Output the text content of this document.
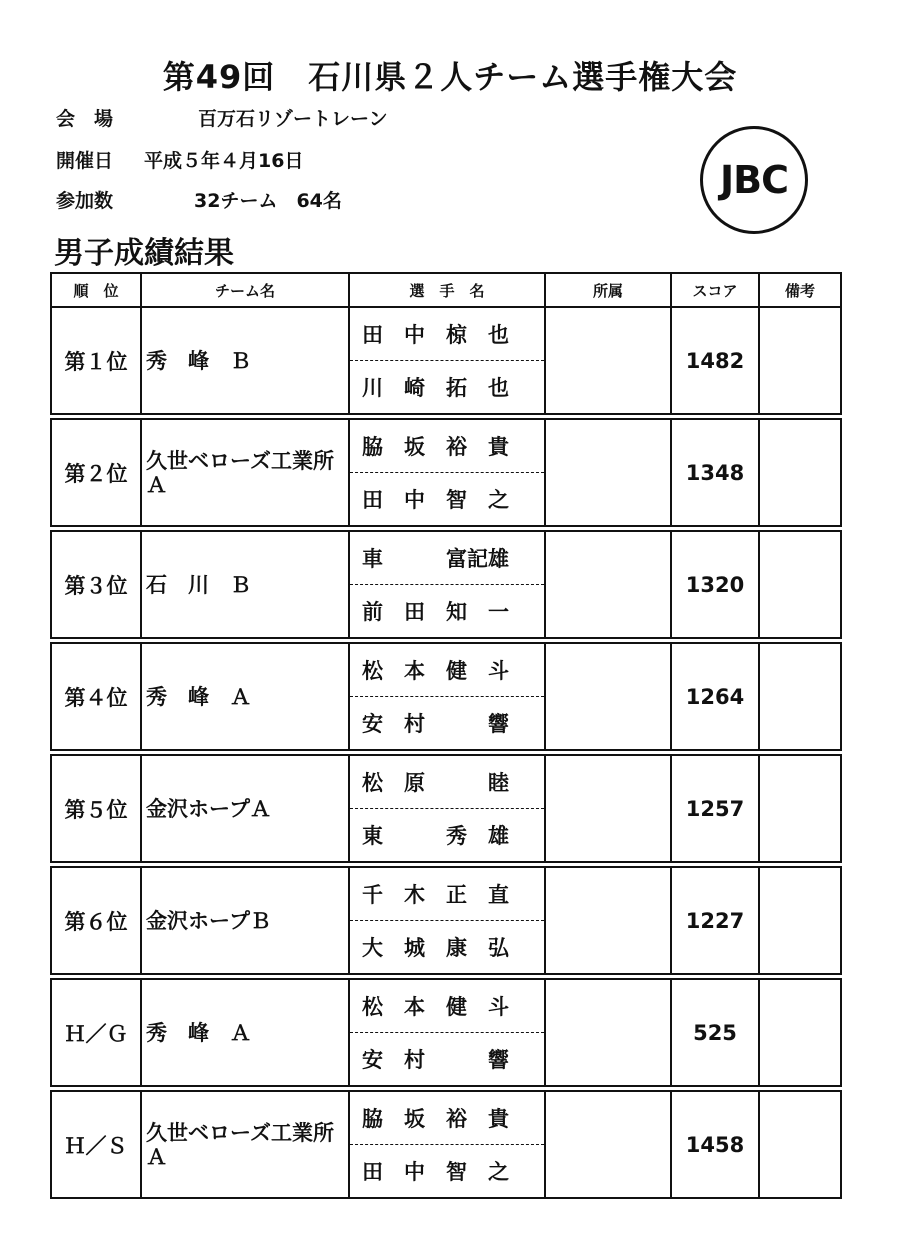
第49回　石川県２人チーム選手権大会
会　場	百万石リゾートレーン
開催日 平成５年４月16日
参加数	32チーム　64名	JBC
男子成績結果
順　位	チーム名	選　手　名	所属	スコア	備考
第１位	秀　峰　Ｂ	田　中　椋　也		1482	
		川　崎　拓　也			

第２位	久世ベローズ工業所Ａ	脇　坂　裕　貴		1348	
		田　中　智　之			

第３位	石　川　Ｂ	車　　　富記雄		1320	
		前　田　知　一			

第４位	秀　峰　Ａ	松　本　健　斗		1264	
		安　村　　　響			

第５位	金沢ホープＡ	松　原　　　睦		1257	
		東　　　秀　雄			

第６位	金沢ホープＢ	千　木　正　直		1227	
		大　城　康　弘			

Ｈ／Ｇ	秀　峰　Ａ	松　本　健　斗		525	
		安　村　　　響			

Ｈ／Ｓ	久世ベローズ工業所Ａ	脇　坂　裕　貴		1458	
		田　中　智　之			
